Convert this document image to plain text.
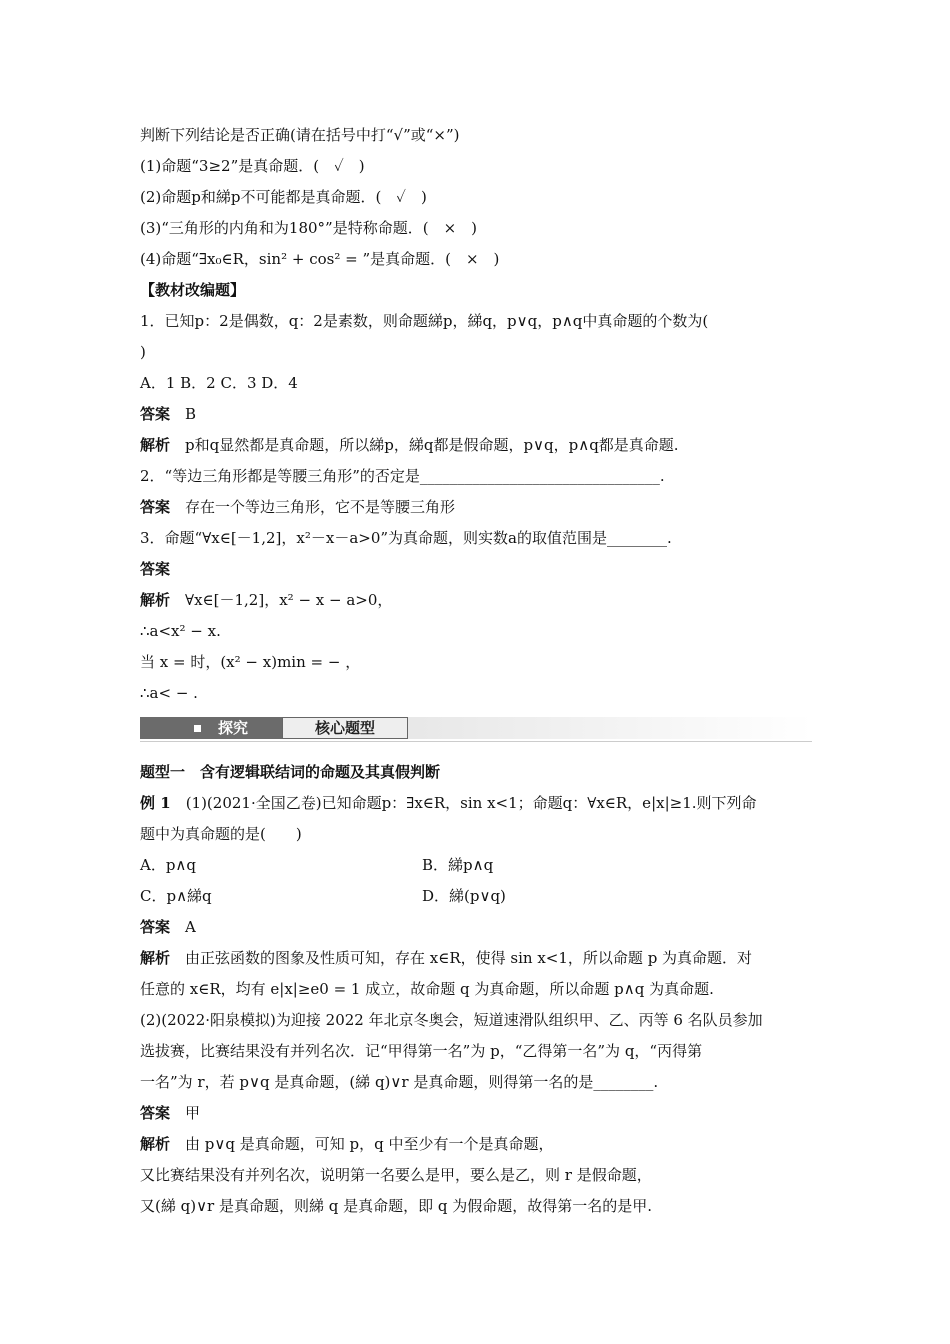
判断下列结论是否正确(请在括号中打“√”或“×”)
(1)命题“3≥2”是真命题．(　✓　)
(2)命题p和綈p不可能都是真命题．(　✓　)
(3)“三角形的内角和为180°”是特称命题．(　×　)
(4)命题“∃x₀∈R，sin² + cos² = ”是真命题．(　×　)
【教材改编题】
1．已知p：2是偶数，q：2是素数，则命题綈p，綈q，p∨q，p∧q中真命题的个数为(
)
A．1 B．2 C．3 D．4
答案　 B
解析　 p和q显然都是真命题，所以綈p，綈q都是假命题，p∨q，p∧q都是真命题.
2．“等边三角形都是等腰三角形”的否定是________________________________.
答案　 存在一个等边三角形，它不是等腰三角形
3．命题“∀x∈[－1,2]，x²－x－a>0”为真命题，则实数a的取值范围是________.
答案
解析　 ∀x∈[－1,2]，x² − x − a>0，
∴a<x² − x.
当 x = 时，(x² − x)min = − ，
∴a< − .
探究	核心题型
题型一　含有逻辑联结词的命题及其真假判断
例 1　 (1)(2021·全国乙卷)已知命题p：∃x∈R，sin x<1；命题q：∀x∈R，e|x|≥1.则下列命
题中为真命题的是(　　)
A．p∧q	B．綈p∧q
C．p∧綈q	D．綈(p∨q)
答案　 A
解析　 由正弦函数的图象及性质可知，存在 x∈R，使得 sin x<1，所以命题 p 为真命题．对
任意的 x∈R，均有 e|x|≥e0 = 1 成立，故命题 q 为真命题，所以命题 p∧q 为真命题.
(2)(2022·阳泉模拟)为迎接 2022 年北京冬奥会，短道速滑队组织甲、乙、丙等 6 名队员参加
选拔赛，比赛结果没有并列名次．记“甲得第一名”为 p，“乙得第一名”为 q，“丙得第
一名”为 r，若 p∨q 是真命题，(綈 q)∨r 是真命题，则得第一名的是________.
答案　 甲
解析　 由 p∨q 是真命题，可知 p，q 中至少有一个是真命题，
又比赛结果没有并列名次，说明第一名要么是甲，要么是乙，则 r 是假命题，
又(綈 q)∨r 是真命题，则綈 q 是真命题，即 q 为假命题，故得第一名的是甲.
